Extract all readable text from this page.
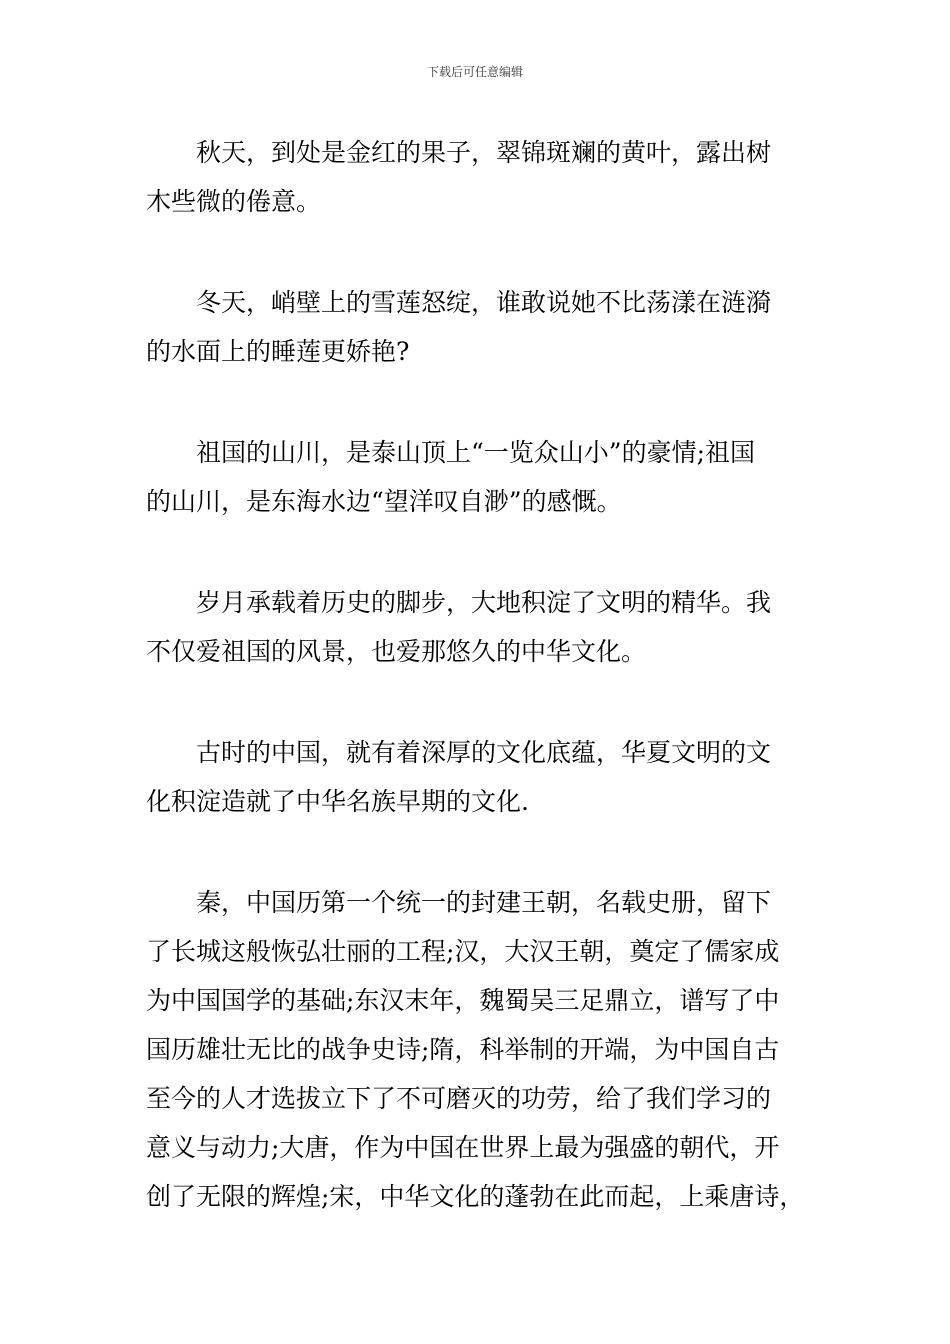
下载后可任意编辑

秋天，到处是金红的果子，翠锦斑斓的黄叶，露出树
木些微的倦意。

冬天，峭壁上的雪莲怒绽，谁敢说她不比荡漾在涟漪
的水面上的睡莲更娇艳?

祖国的山川，是泰山顶上“一览众山小”的豪情;祖国
的山川，是东海水边“望洋叹自渺”的感慨。

岁月承载着历史的脚步，大地积淀了文明的精华。我
不仅爱祖国的风景，也爱那悠久的中华文化。

古时的中国，就有着深厚的文化底蕴，华夏文明的文
化积淀造就了中华名族早期的文化.

秦，中国历第一个统一的封建王朝，名载史册，留下
了长城这般恢弘壮丽的工程;汉，大汉王朝，奠定了儒家成
为中国国学的基础;东汉末年，魏蜀吴三足鼎立，谱写了中
国历雄壮无比的战争史诗;隋，科举制的开端，为中国自古
至今的人才选拔立下了不可磨灭的功劳，给了我们学习的
意义与动力;大唐，作为中国在世界上最为强盛的朝代，开
创了无限的辉煌;宋，中华文化的蓬勃在此而起，上乘唐诗，
